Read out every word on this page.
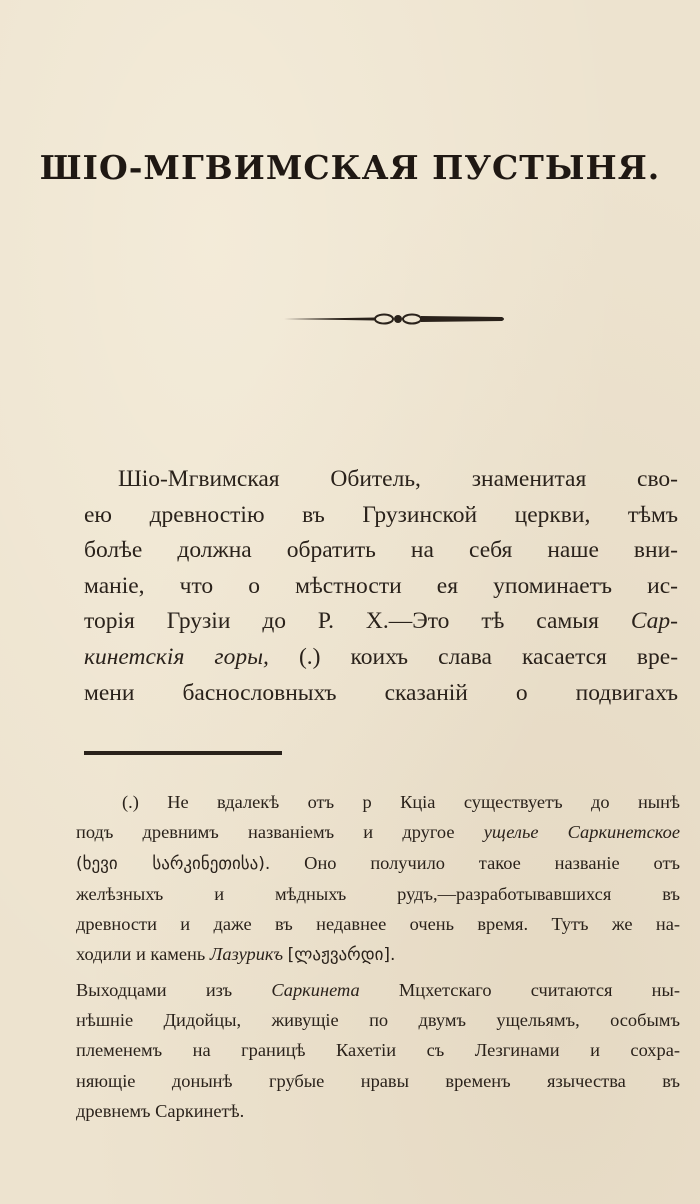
ШІО-МГВИМСКАЯ ПУСТЫНЯ.
Шіо-Мгвимская Обитель, знаменитая сво-
ею древностію въ Грузинской церкви, тѣмъ
болѣе должна обратить на себя наше вни-
маніе, что о мѣстности ея упоминаетъ ис-
торія Грузіи до Р. Х.—Это тѣ самыя Сар-
кинетскія горы, (.) коихъ слава касается вре-
мени баснословныхъ сказаній о подвигахъ
(.) Не вдалекѣ отъ р Кціа существуетъ до нынѣ
подъ древнимъ названіемъ и другое ущелье Саркинетское
(ხევი სარკინეთისა). Оно получило такое названіе отъ
желѣзныхъ и мѣдныхъ рудъ,—разработывавшихся въ
древности и даже въ недавнее очень время. Тутъ же на-
ходили и камень Лазурикъ [ლაჟვარდი].
Выходцами изъ Саркинета Мцхетскаго считаются ны-
нѣшніе Дидойцы, живущіе по двумъ ущельямъ, особымъ
племенемъ на границѣ Кахетіи съ Лезгинами и сохра-
няющіе донынѣ грубые нравы временъ язычества въ
древнемъ Саркинетѣ.
